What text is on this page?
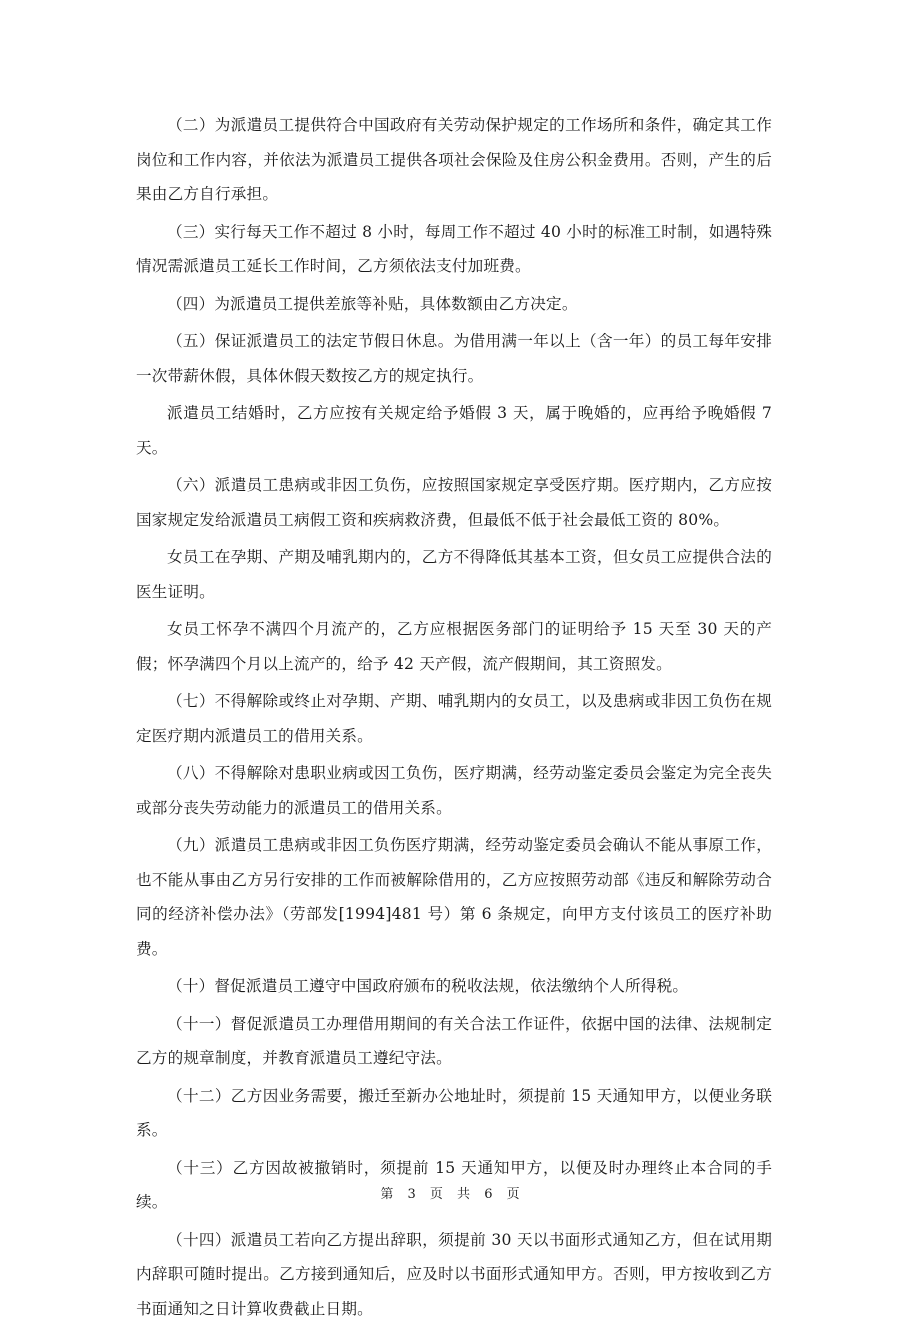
（二）为派遣员工提供符合中国政府有关劳动保护规定的工作场所和条件，确定其工作岗位和工作内容，并依法为派遣员工提供各项社会保险及住房公积金费用。否则，产生的后果由乙方自行承担。

（三）实行每天工作不超过 8 小时，每周工作不超过 40 小时的标准工时制，如遇特殊情况需派遣员工延长工作时间，乙方须依法支付加班费。

（四）为派遣员工提供差旅等补贴，具体数额由乙方决定。

（五）保证派遣员工的法定节假日休息。为借用满一年以上（含一年）的员工每年安排一次带薪休假，具体休假天数按乙方的规定执行。

派遣员工结婚时，乙方应按有关规定给予婚假 3 天，属于晚婚的，应再给予晚婚假 7 天。

（六）派遣员工患病或非因工负伤，应按照国家规定享受医疗期。医疗期内，乙方应按国家规定发给派遣员工病假工资和疾病救济费，但最低不低于社会最低工资的 80%。

女员工在孕期、产期及哺乳期内的，乙方不得降低其基本工资，但女员工应提供合法的医生证明。

女员工怀孕不满四个月流产的，乙方应根据医务部门的证明给予 15 天至 30 天的产假；怀孕满四个月以上流产的，给予 42 天产假，流产假期间，其工资照发。

（七）不得解除或终止对孕期、产期、哺乳期内的女员工，以及患病或非因工负伤在规定医疗期内派遣员工的借用关系。

（八）不得解除对患职业病或因工负伤，医疗期满，经劳动鉴定委员会鉴定为完全丧失或部分丧失劳动能力的派遣员工的借用关系。

（九）派遣员工患病或非因工负伤医疗期满，经劳动鉴定委员会确认不能从事原工作，也不能从事由乙方另行安排的工作而被解除借用的，乙方应按照劳动部《违反和解除劳动合同的经济补偿办法》（劳部发[1994]481 号）第 6 条规定，向甲方支付该员工的医疗补助费。

（十）督促派遣员工遵守中国政府颁布的税收法规，依法缴纳个人所得税。

（十一）督促派遣员工办理借用期间的有关合法工作证件，依据中国的法律、法规制定乙方的规章制度，并教育派遣员工遵纪守法。

（十二）乙方因业务需要，搬迁至新办公地址时，须提前 15 天通知甲方，以便业务联系。

（十三）乙方因故被撤销时，须提前 15 天通知甲方，以便及时办理终止本合同的手续。

（十四）派遣员工若向乙方提出辞职，须提前 30 天以书面形式通知乙方，但在试用期内辞职可随时提出。乙方接到通知后，应及时以书面形式通知甲方。否则，甲方按收到乙方书面通知之日计算收费截止日期。

第 3 页 共 6 页
